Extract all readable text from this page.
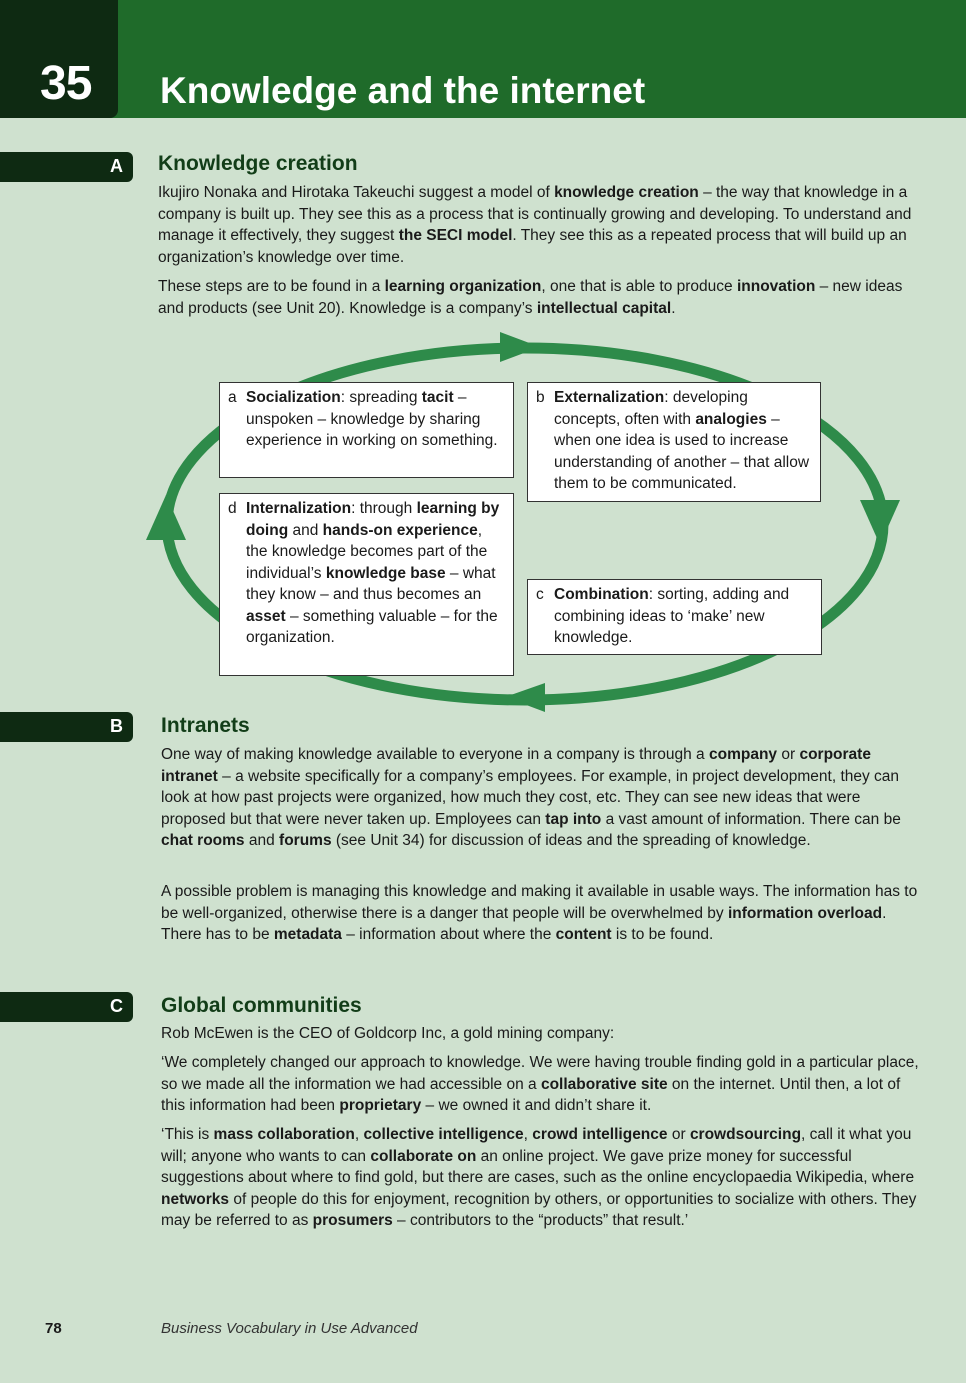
35 Knowledge and the internet
A Knowledge creation
Ikujiro Nonaka and Hirotaka Takeuchi suggest a model of knowledge creation – the way that knowledge in a company is built up. They see this as a process that is continually growing and developing. To understand and manage it effectively, they suggest the SECI model. They see this as a repeated process that will build up an organization’s knowledge over time.
These steps are to be found in a learning organization, one that is able to produce innovation – new ideas and products (see Unit 20). Knowledge is a company’s intellectual capital.
a Socialization: spreading tacit – unspoken – knowledge by sharing experience in working on something.
b Externalization: developing concepts, often with analogies – when one idea is used to increase understanding of another – that allow them to be communicated.
d Internalization: through learning by doing and hands-on experience, the knowledge becomes part of the individual’s knowledge base – what they know – and thus becomes an asset – something valuable – for the organization.
c Combination: sorting, adding and combining ideas to ‘make’ new knowledge.
B Intranets
One way of making knowledge available to everyone in a company is through a company or corporate intranet – a website specifically for a company’s employees. For example, in project development, they can look at how past projects were organized, how much they cost, etc. They can see new ideas that were proposed but that were never taken up. Employees can tap into a vast amount of information. There can be chat rooms and forums (see Unit 34) for discussion of ideas and the spreading of knowledge.
A possible problem is managing this knowledge and making it available in usable ways. The information has to be well-organized, otherwise there is a danger that people will be overwhelmed by information overload. There has to be metadata – information about where the content is to be found.
C Global communities
Rob McEwen is the CEO of Goldcorp Inc, a gold mining company:
‘We completely changed our approach to knowledge. We were having trouble finding gold in a particular place, so we made all the information we had accessible on a collaborative site on the internet. Until then, a lot of this information had been proprietary – we owned it and didn’t share it.
‘This is mass collaboration, collective intelligence, crowd intelligence or crowdsourcing, call it what you will; anyone who wants to can collaborate on an online project. We gave prize money for successful suggestions about where to find gold, but there are cases, such as the online encyclopaedia Wikipedia, where networks of people do this for enjoyment, recognition by others, or opportunities to socialize with others. They may be referred to as prosumers – contributors to the “products” that result.’
78	Business Vocabulary in Use Advanced
